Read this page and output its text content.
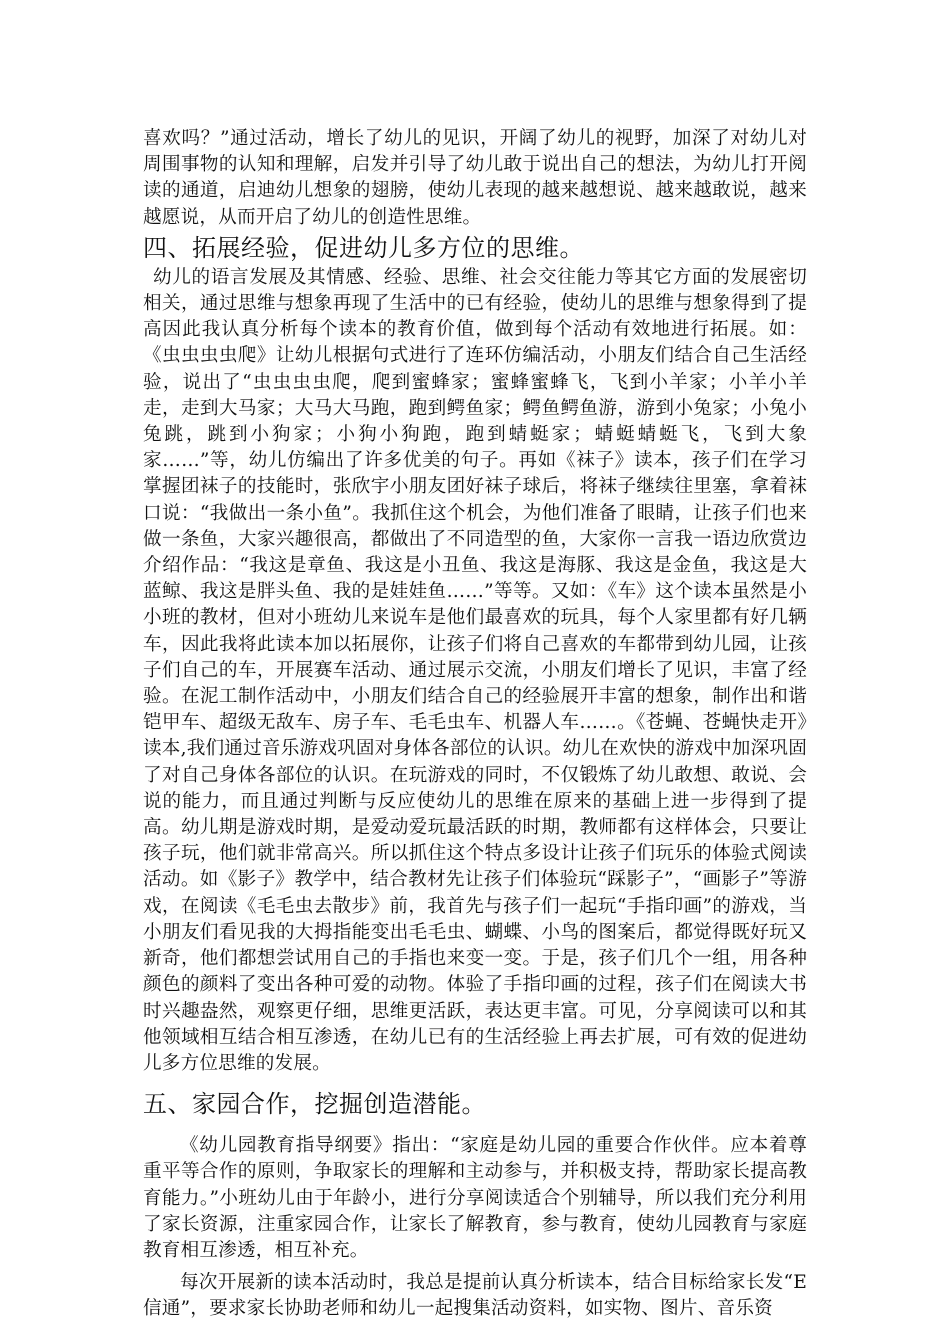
喜欢吗？”通过活动，增长了幼儿的见识，开阔了幼儿的视野，加深了对幼儿对周围事物的认知和理解，启发并引导了幼儿敢于说出自己的想法，为幼儿打开阅读的通道，启迪幼儿想象的翅膀，使幼儿表现的越来越想说、越来越敢说，越来越愿说，从而开启了幼儿的创造性思维。

四、拓展经验，促进幼儿多方位的思维。

幼儿的语言发展及其情感、经验、思维、社会交往能力等其它方面的发展密切相关，通过思维与想象再现了生活中的已有经验，使幼儿的思维与想象得到了提高因此我认真分析每个读本的教育价值，做到每个活动有效地进行拓展。如：《虫虫虫虫爬》让幼儿根据句式进行了连环仿编活动，小朋友们结合自己生活经验，说出了“虫虫虫虫爬，爬到蜜蜂家；蜜蜂蜜蜂飞，飞到小羊家；小羊小羊走，走到大马家；大马大马跑，跑到鳄鱼家；鳄鱼鳄鱼游，游到小兔家；小兔小兔跳，跳到小狗家；小狗小狗跑，跑到蜻蜓家；蜻蜓蜻蜓飞，飞到大象家……”等，幼儿仿编出了许多优美的句子。再如《袜子》读本，孩子们在学习掌握团袜子的技能时，张欣宇小朋友团好袜子球后，将袜子继续往里塞，拿着袜口说：“我做出一条小鱼”。我抓住这个机会，为他们准备了眼睛，让孩子们也来做一条鱼，大家兴趣很高，都做出了不同造型的鱼，大家你一言我一语边欣赏边介绍作品：“我这是章鱼、我这是小丑鱼、我这是海豚、我这是金鱼，我这是大蓝鲸、我这是胖头鱼、我的是娃娃鱼……”等等。又如：《车》这个读本虽然是小小班的教材，但对小班幼儿来说车是他们最喜欢的玩具，每个人家里都有好几辆车，因此我将此读本加以拓展你，让孩子们将自己喜欢的车都带到幼儿园，让孩子们自己的车，开展赛车活动、通过展示交流，小朋友们增长了见识，丰富了经验。在泥工制作活动中，小朋友们结合自己的经验展开丰富的想象，制作出和谐铠甲车、超级无敌车、房子车、毛毛虫车、机器人车……。《苍蝇、苍蝇快走开》读本,我们通过音乐游戏巩固对身体各部位的认识。幼儿在欢快的游戏中加深巩固了对自己身体各部位的认识。在玩游戏的同时，不仅锻炼了幼儿敢想、敢说、会说的能力，而且通过判断与反应使幼儿的思维在原来的基础上进一步得到了提高。幼儿期是游戏时期，是爱动爱玩最活跃的时期，教师都有这样体会，只要让孩子玩，他们就非常高兴。所以抓住这个特点多设计让孩子们玩乐的体验式阅读活动。如《影子》教学中，结合教材先让孩子们体验玩“踩影子”，“画影子”等游戏，在阅读《毛毛虫去散步》前，我首先与孩子们一起玩“手指印画”的游戏，当小朋友们看见我的大拇指能变出毛毛虫、蝴蝶、小鸟的图案后，都觉得既好玩又新奇，他们都想尝试用自己的手指也来变一变。于是，孩子们几个一组，用各种颜色的颜料了变出各种可爱的动物。体验了手指印画的过程，孩子们在阅读大书时兴趣盎然，观察更仔细，思维更活跃，表达更丰富。可见，分享阅读可以和其他领域相互结合相互渗透，在幼儿已有的生活经验上再去扩展，可有效的促进幼儿多方位思维的发展。

五、家园合作，挖掘创造潜能。

《幼儿园教育指导纲要》指出：“家庭是幼儿园的重要合作伙伴。应本着尊重平等合作的原则，争取家长的理解和主动参与，并积极支持，帮助家长提高教育能力。”小班幼儿由于年龄小，进行分享阅读适合个别辅导，所以我们充分利用了家长资源，注重家园合作，让家长了解教育，参与教育，使幼儿园教育与家庭教育相互渗透，相互补充。

每次开展新的读本活动时，我总是提前认真分析读本，结合目标给家长发“E信通”，要求家长协助老师和幼儿一起搜集活动资料，如实物、图片、音乐资
